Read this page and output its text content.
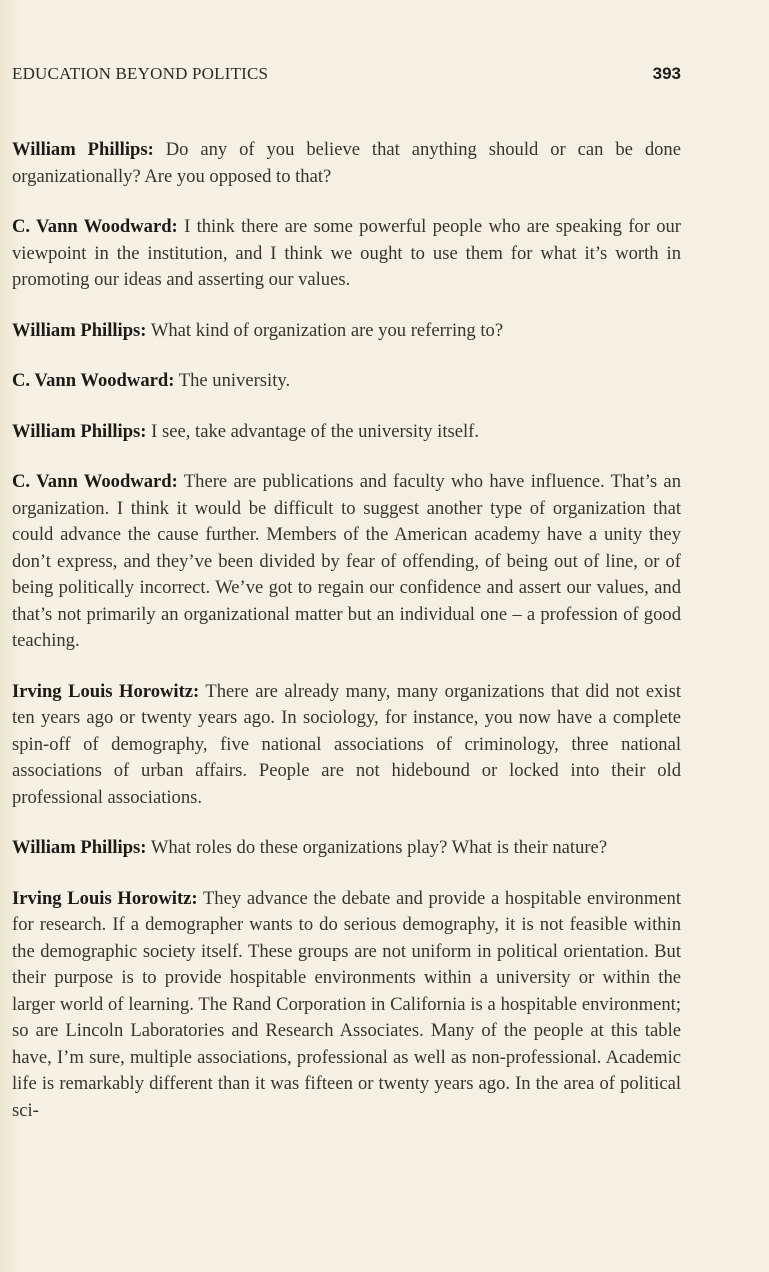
EDUCATION BEYOND POLITICS	393

William Phillips: Do any of you believe that anything should or can be done organizationally? Are you opposed to that?

C. Vann Woodward: I think there are some powerful people who are speaking for our viewpoint in the institution, and I think we ought to use them for what it’s worth in promoting our ideas and asserting our values.

William Phillips: What kind of organization are you referring to?

C. Vann Woodward: The university.

William Phillips: I see, take advantage of the university itself.

C. Vann Woodward: There are publications and faculty who have influence. That’s an organization. I think it would be difficult to suggest another type of organization that could advance the cause further. Members of the American academy have a unity they don’t express, and they’ve been divided by fear of offending, of being out of line, or of being politically incorrect. We’ve got to regain our confidence and assert our values, and that’s not primarily an organizational matter but an individual one – a profession of good teaching.

Irving Louis Horowitz: There are already many, many organizations that did not exist ten years ago or twenty years ago. In sociology, for instance, you now have a complete spin-off of demography, five national associations of criminology, three national associations of urban affairs. People are not hidebound or locked into their old professional associations.

William Phillips: What roles do these organizations play? What is their nature?

Irving Louis Horowitz: They advance the debate and provide a hospitable environment for research. If a demographer wants to do serious demography, it is not feasible within the demographic society itself. These groups are not uniform in political orientation. But their purpose is to provide hospitable environments within a university or within the larger world of learning. The Rand Corporation in California is a hospitable environment; so are Lincoln Laboratories and Research Associates. Many of the people at this table have, I’m sure, multiple associations, professional as well as non-professional. Academic life is remarkably different than it was fifteen or twenty years ago. In the area of political sci-
